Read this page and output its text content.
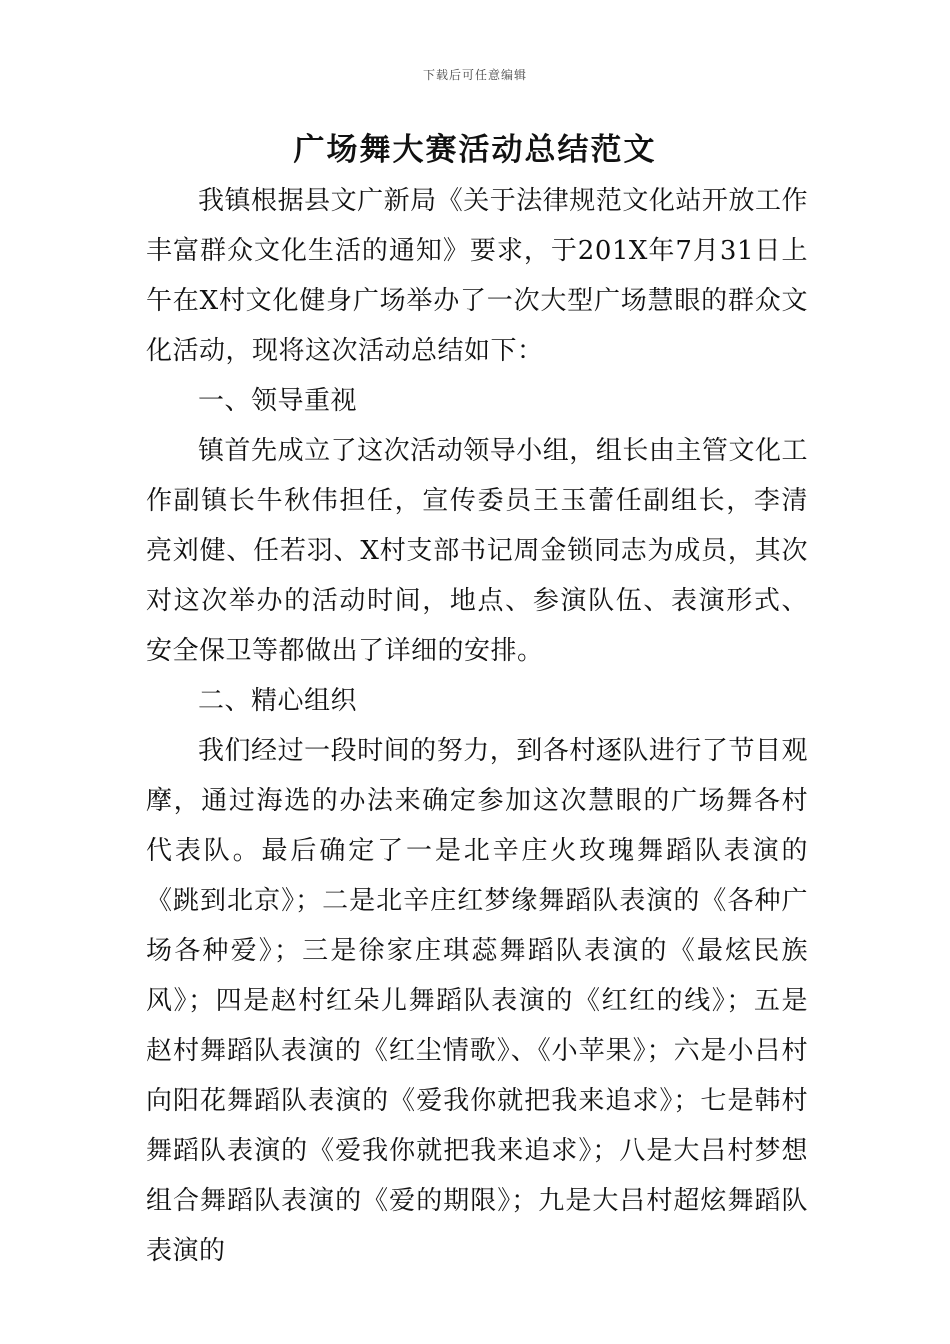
下载后可任意编辑
广场舞大赛活动总结范文

我镇根据县文广新局《关于法律规范文化站开放工作丰富群众文化生活的通知》要求，于201X年7月31日上午在X村文化健身广场举办了一次大型广场慧眼的群众文化活动，现将这次活动总结如下：

一、领导重视

镇首先成立了这次活动领导小组，组长由主管文化工作副镇长牛秋伟担任，宣传委员王玉蕾任副组长，李清亮刘健、任若羽、X村支部书记周金锁同志为成员，其次对这次举办的活动时间，地点、参演队伍、表演形式、安全保卫等都做出了详细的安排。

二、精心组织

我们经过一段时间的努力，到各村逐队进行了节目观摩，通过海选的办法来确定参加这次慧眼的广场舞各村代表队。最后确定了一是北辛庄火玫瑰舞蹈队表演的《跳到北京》；二是北辛庄红梦缘舞蹈队表演的《各种广场各种爱》；三是徐家庄琪蕊舞蹈队表演的《最炫民族风》；四是赵村红朵儿舞蹈队表演的《红红的线》；五是赵村舞蹈队表演的《红尘情歌》、《小苹果》；六是小吕村向阳花舞蹈队表演的《爱我你就把我来追求》；七是韩村舞蹈队表演的《爱我你就把我来追求》；八是大吕村梦想组合舞蹈队表演的《爱的期限》；九是大吕村超炫舞蹈队表演的
